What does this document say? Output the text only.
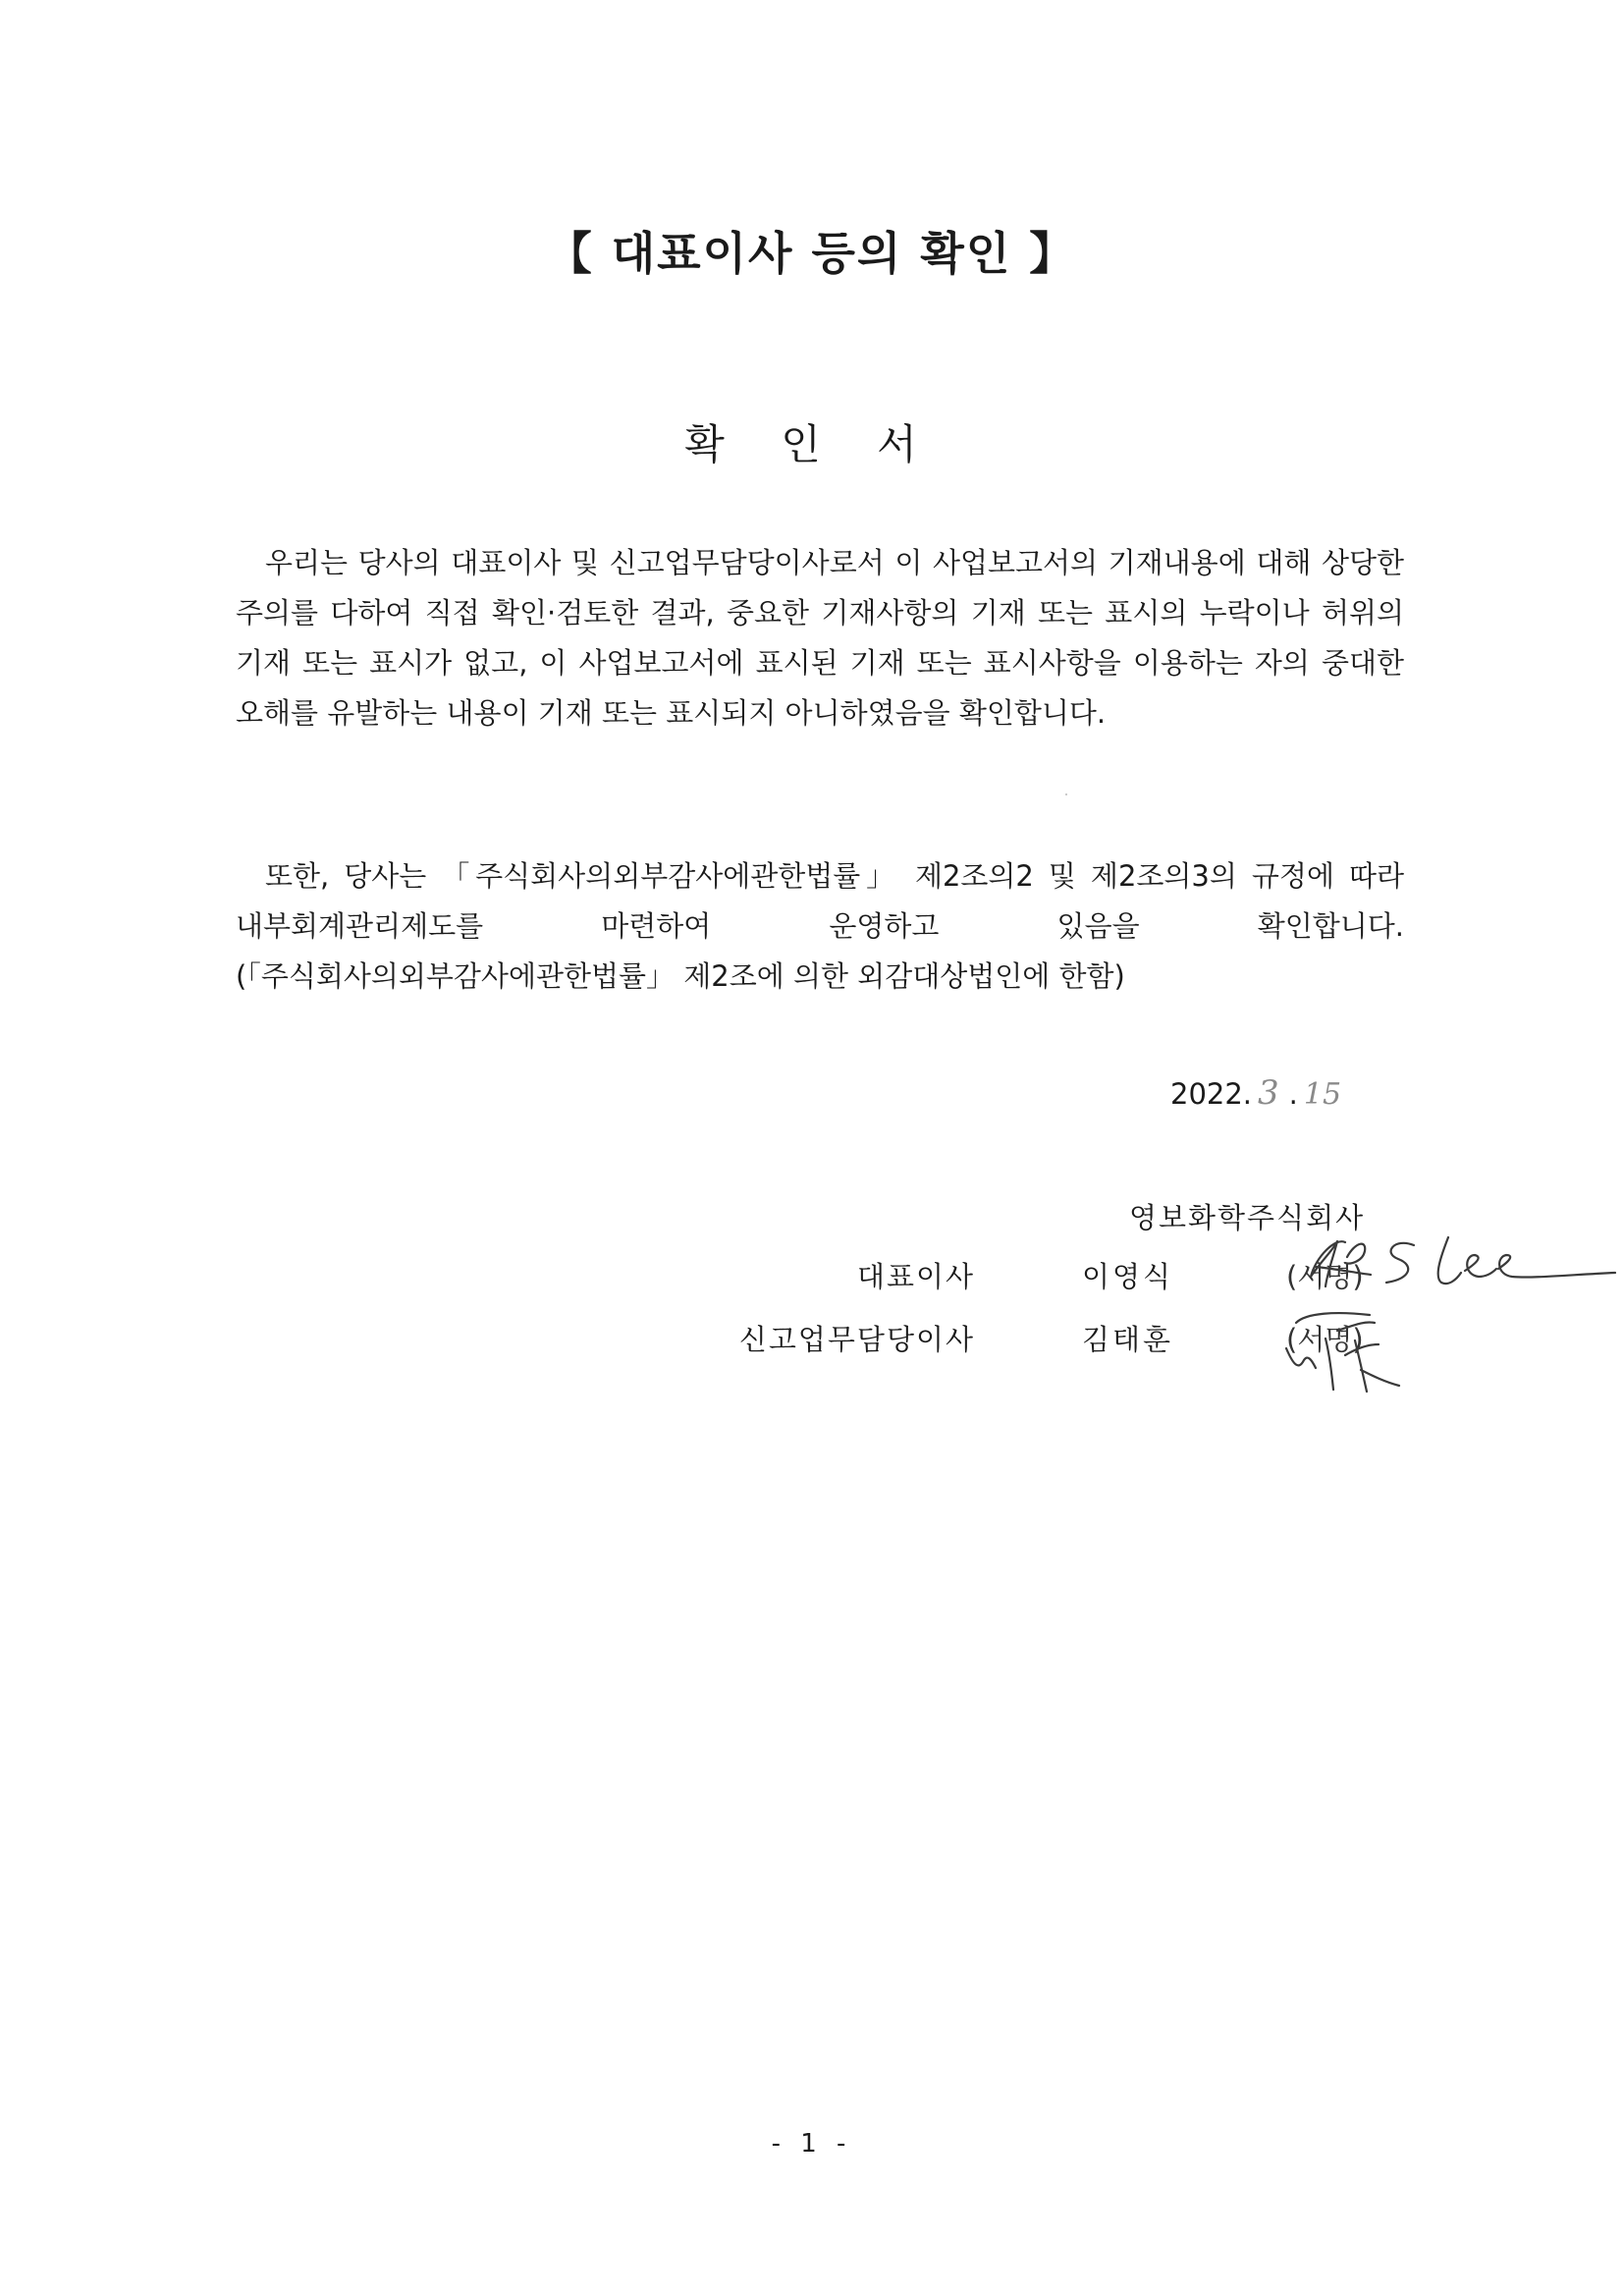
【 대표이사 등의 확인 】
확 인 서
우리는 당사의 대표이사 및 신고업무담당이사로서 이 사업보고서의 기재내용에 대해 상당한 주의를 다하여 직접 확인·검토한 결과, 중요한 기재사항의 기재 또는 표시의 누락이나 허위의 기재 또는 표시가 없고, 이 사업보고서에 표시된 기재 또는 표시사항을 이용하는 자의 중대한 오해를 유발하는 내용이 기재 또는 표시되지 아니하였음을 확인합니다.
또한, 당사는 「주식회사의외부감사에관한법률」 제2조의2 및 제2조의3의 규정에 따라 내부회계관리제도를 마련하여 운영하고 있음을 확인합니다.(「주식회사의외부감사에관한법률」 제2조에 의한 외감대상법인에 한함)
2022. 3 . 15
영보화학주식회사
대표이사	이영식	(서명)
신고업무담당이사	김태훈	(서명)
- 1 -
